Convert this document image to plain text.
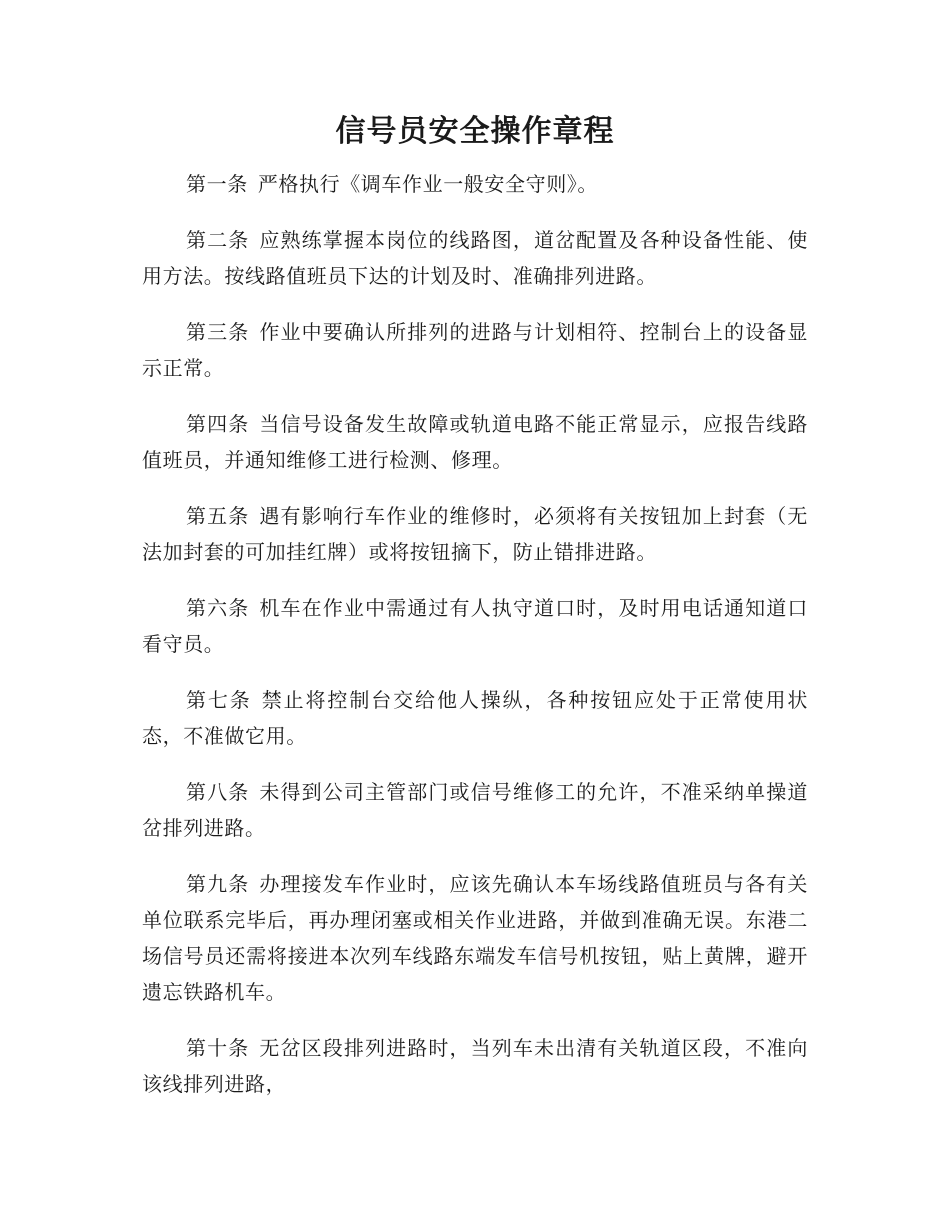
信号员安全操作章程

第一条 严格执行《调车作业一般安全守则》。

第二条 应熟练掌握本岗位的线路图，道岔配置及各种设备性能、使用方法。按线路值班员下达的计划及时、准确排列进路。

第三条 作业中要确认所排列的进路与计划相符、控制台上的设备显示正常。

第四条 当信号设备发生故障或轨道电路不能正常显示，应报告线路值班员，并通知维修工进行检测、修理。

第五条 遇有影响行车作业的维修时，必须将有关按钮加上封套（无法加封套的可加挂红牌）或将按钮摘下，防止错排进路。

第六条 机车在作业中需通过有人执守道口时，及时用电话通知道口看守员。

第七条 禁止将控制台交给他人操纵，各种按钮应处于正常使用状态，不准做它用。

第八条 未得到公司主管部门或信号维修工的允许，不准采纳单操道岔排列进路。

第九条 办理接发车作业时，应该先确认本车场线路值班员与各有关单位联系完毕后，再办理闭塞或相关作业进路，并做到准确无误。东港二场信号员还需将接进本次列车线路东端发车信号机按钮，贴上黄牌，避开遗忘铁路机车。

第十条 无岔区段排列进路时，当列车未出清有关轨道区段，不准向该线排列进路，
